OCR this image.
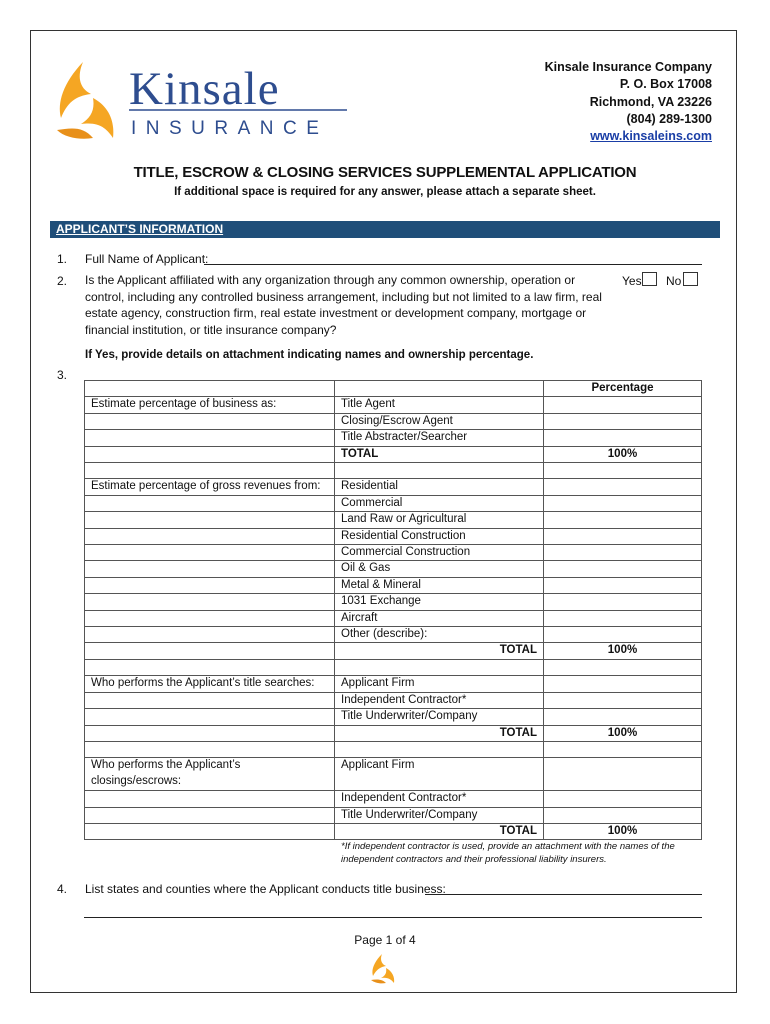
Kinsale
INSURANCE
Kinsale Insurance Company
P. O. Box 17008
Richmond, VA 23226
(804) 289-1300
www.kinsaleins.com
TITLE, ESCROW & CLOSING SERVICES SUPPLEMENTAL APPLICATION
If additional space is required for any answer, please attach a separate sheet.
APPLICANT’S INFORMATION
1. Full Name of Applicant:
2. Is the Applicant affiliated with any organization through any common ownership, operation or control, including any controlled business arrangement, including but not limited to a law firm, real estate agency, construction firm, real estate investment or development company, mortgage or financial institution, or title insurance company?
Yes No
If Yes, provide details on attachment indicating names and ownership percentage.
3.
		Percentage
Estimate percentage of business as:	Title Agent	
	Closing/Escrow Agent	
	Title Abstracter/Searcher	
	TOTAL	100%

Estimate percentage of gross revenues from:	Residential	
	Commercial	
	Land Raw or Agricultural	
	Residential Construction	
	Commercial Construction	
	Oil & Gas	
	Metal & Mineral	
	1031 Exchange	
	Aircraft	
	Other (describe):	
	TOTAL	100%

Who performs the Applicant’s title searches:	Applicant Firm	
	Independent Contractor*	
	Title Underwriter/Company	
	TOTAL	100%

Who performs the Applicant’s closings/escrows:	Applicant Firm	

	Independent Contractor*	
	Title Underwriter/Company	
	TOTAL	100%
*If independent contractor is used, provide an attachment with the names of the independent contractors and their professional liability insurers.
4. List states and counties where the Applicant conducts title business:
Page 1 of 4
